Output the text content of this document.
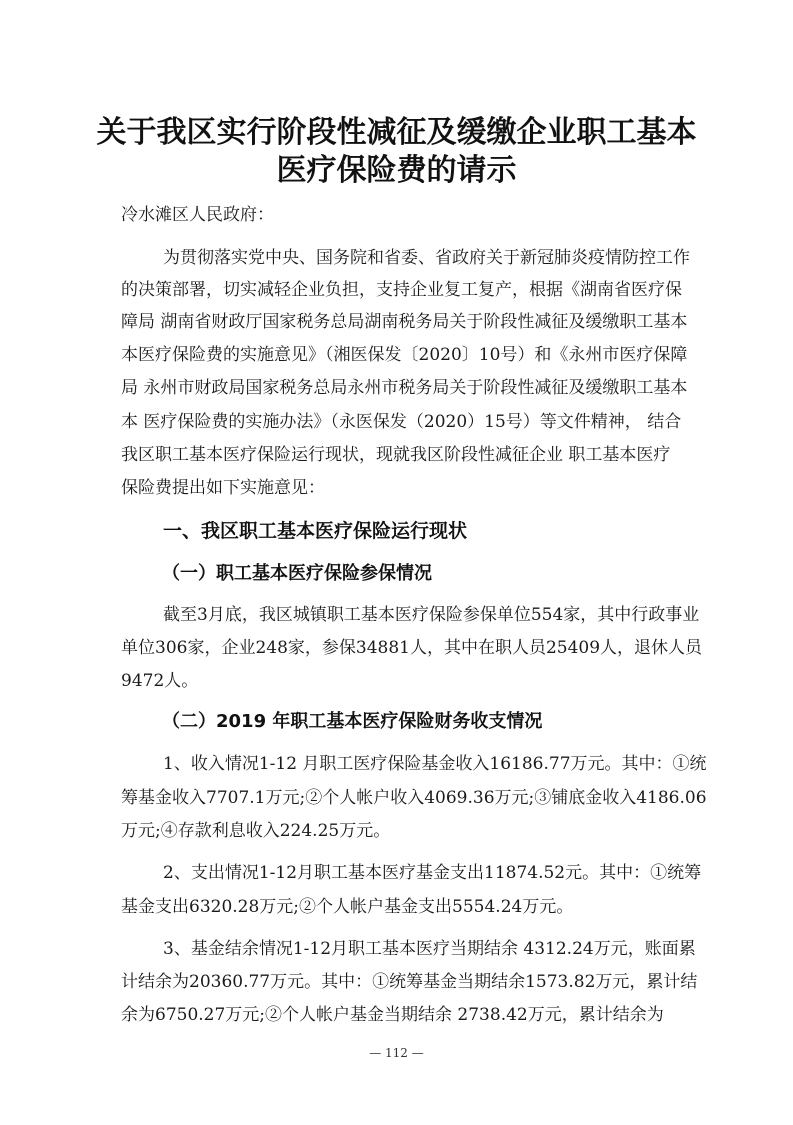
关于我区实行阶段性减征及缓缴企业职工基本
医疗保险费的请示
冷水滩区人民政府：
为贯彻落实党中央、国务院和省委、省政府关于新冠肺炎疫情防控工作
的决策部署，切实减轻企业负担，支持企业复工复产，根据《湖南省医疗保
障局 湖南省财政厅国家税务总局湖南税务局关于阶段性减征及缓缴职工基本
本医疗保险费的实施意见》（湘医保发〔2020〕10号）和《永州市医疗保障
局 永州市财政局国家税务总局永州市税务局关于阶段性减征及缓缴职工基本
本 医疗保险费的实施办法》（永医保发（2020）15号）等文件精神， 结合
我区职工基本医疗保险运行现状，现就我区阶段性减征企业 职工基本医疗
保险费提出如下实施意见：
一、我区职工基本医疗保险运行现状
（一）职工基本医疗保险参保情况
截至3月底，我区城镇职工基本医疗保险参保单位554家，其中行政事业
单位306家，企业248家，参保34881人，其中在职人员25409人，退休人员
9472人。
（二）2019 年职工基本医疗保险财务收支情况
1、收入情况1-12 月职工医疗保险基金收入16186.77万元。其中：①统
筹基金收入7707.1万元;②个人帐户收入4069.36万元;③铺底金收入4186.06
万元;④存款利息收入224.25万元。
2、支出情况1-12月职工基本医疗基金支出11874.52元。其中：①统筹
基金支出6320.28万元;②个人帐户基金支出5554.24万元。
3、基金结余情况1-12月职工基本医疗当期结余 4312.24万元，账面累
计结余为20360.77万元。其中：①统筹基金当期结余1573.82万元，累计结
余为6750.27万元;②个人帐户基金当期结余 2738.42万元，累计结余为
— 112 —
